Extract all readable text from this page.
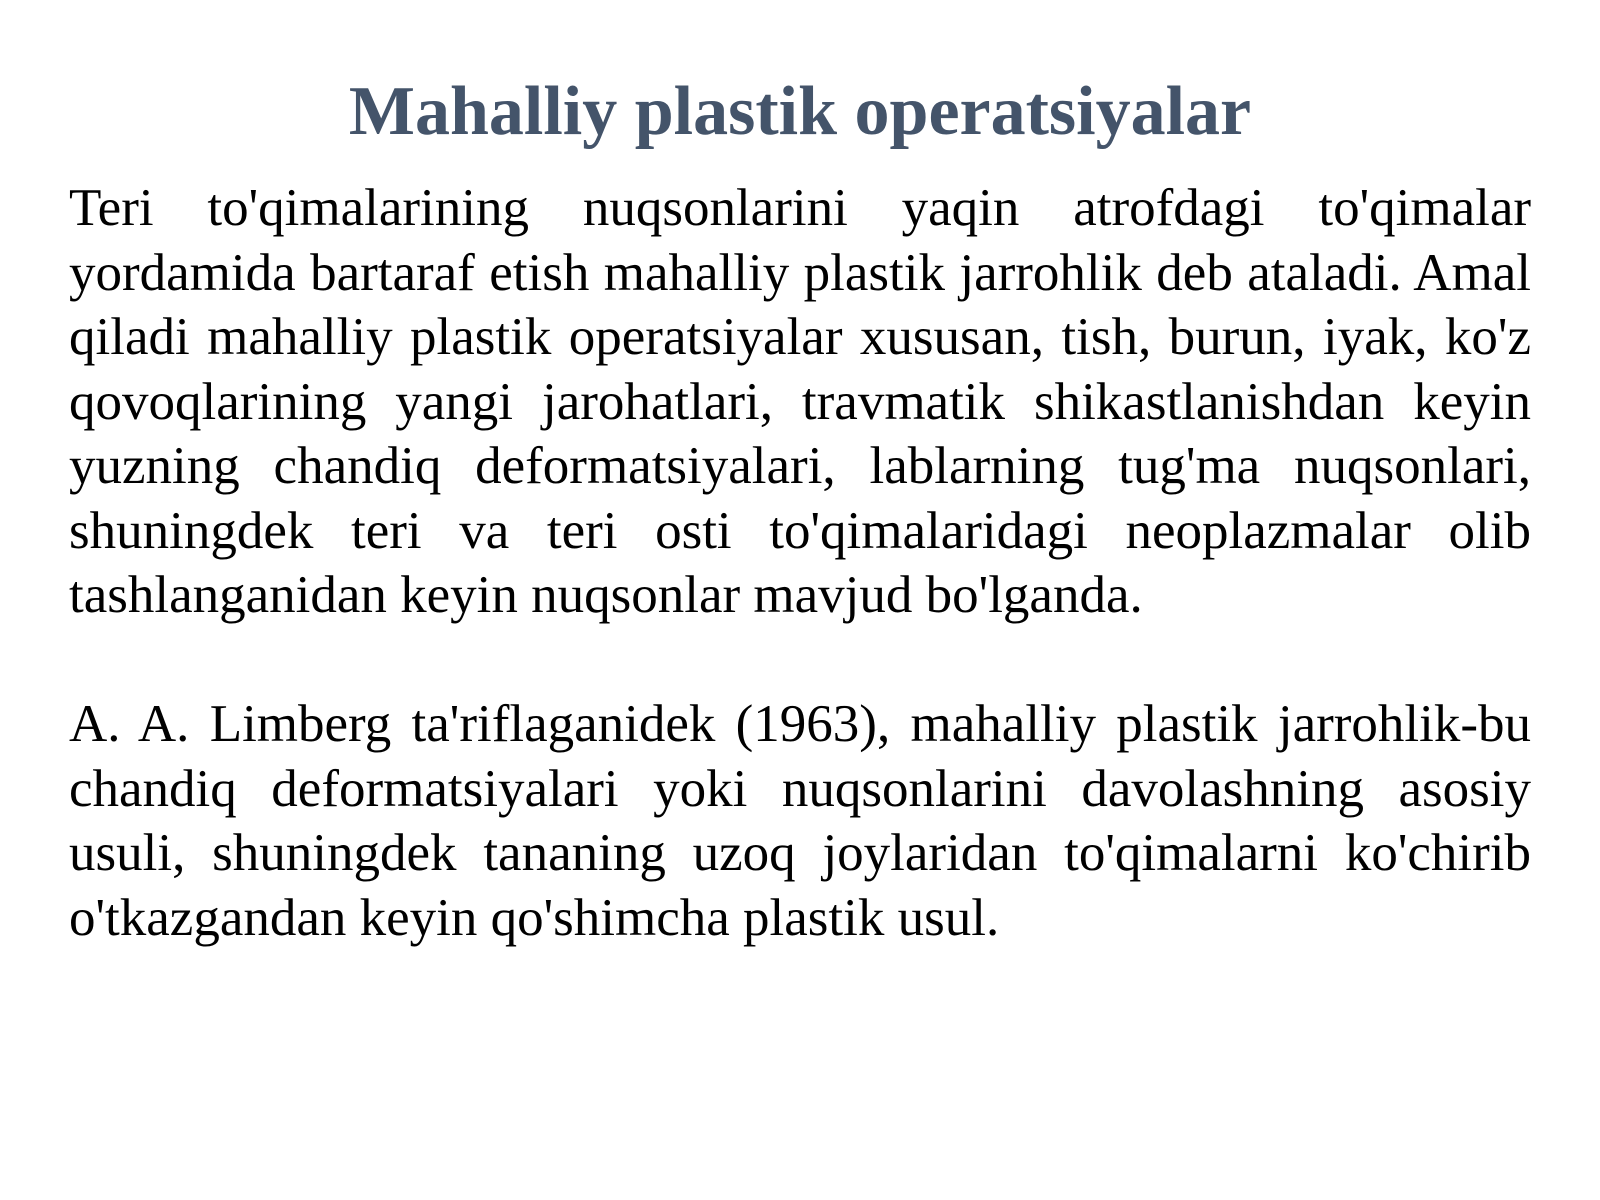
Mahalliy plastik operatsiyalar

Teri to'qimalarining nuqsonlarini yaqin atrofdagi to'qimalar yordamida bartaraf etish mahalliy plastik jarrohlik deb ataladi. Amal qiladi mahalliy plastik operatsiyalar xususan, tish, burun, iyak, ko'z qovoqlarining yangi jarohatlari, travmatik shikastlanishdan keyin yuzning chandiq deformatsiyalari, lablarning tug'ma nuqsonlari, shuningdek teri va teri osti to'qimalaridagi neoplazmalar olib tashlanganidan keyin nuqsonlar mavjud bo'lganda.

A. A. Limberg ta'riflaganidek (1963), mahalliy plastik jarrohlik-bu chandiq deformatsiyalari yoki nuqsonlarini davolashning asosiy usuli, shuningdek tananing uzoq joylaridan to'qimalarni ko'chirib o'tkazgandan keyin qo'shimcha plastik usul.
